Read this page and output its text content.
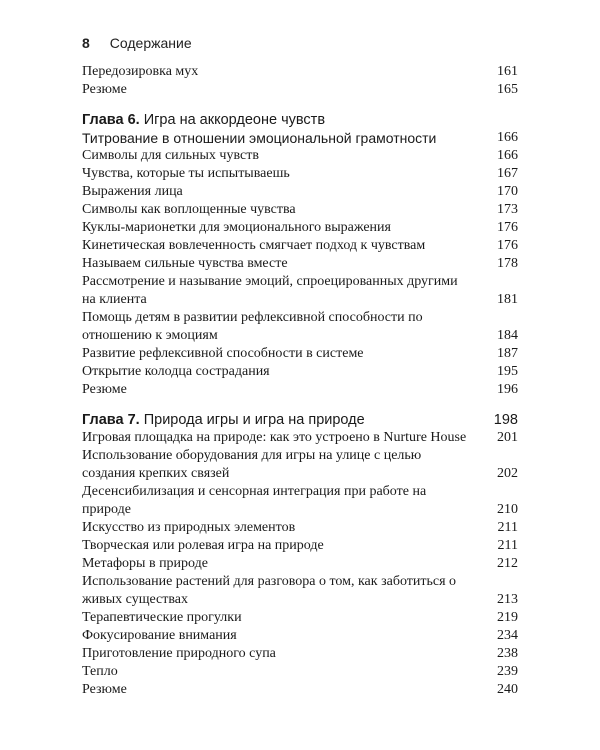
8 Содержание
Передозировка мух	161
Резюме	165
Глава 6. Игра на аккордеоне чувств
Титрование в отношении эмоциональной грамотности	166
Символы для сильных чувств	166
Чувства, которые ты испытываешь	167
Выражения лица	170
Символы как воплощенные чувства	173
Куклы-марионетки для эмоционального выражения	176
Кинетическая вовлеченность смягчает подход к чувствам	176
Называем сильные чувства вместе	178
Рассмотрение и называние эмоций, спроецированных другими на клиента	181
Помощь детям в развитии рефлексивной способности по отношению к эмоциям	184
Развитие рефлексивной способности в системе	187
Открытие колодца сострадания	195
Резюме	196
Глава 7. Природа игры и игра на природе	198
Игровая площадка на природе: как это устроено в Nurture House 201
Использование оборудования для игры на улице с целью создания крепких связей	202
Десенсибилизация и сенсорная интеграция при работе на природе	210
Искусство из природных элементов	211
Творческая или ролевая игра на природе	211
Метафоры в природе	212
Использование растений для разговора о том, как заботиться о живых существах	213
Терапевтические прогулки	219
Фокусирование внимания	234
Приготовление природного супа	238
Тепло	239
Резюме	240
